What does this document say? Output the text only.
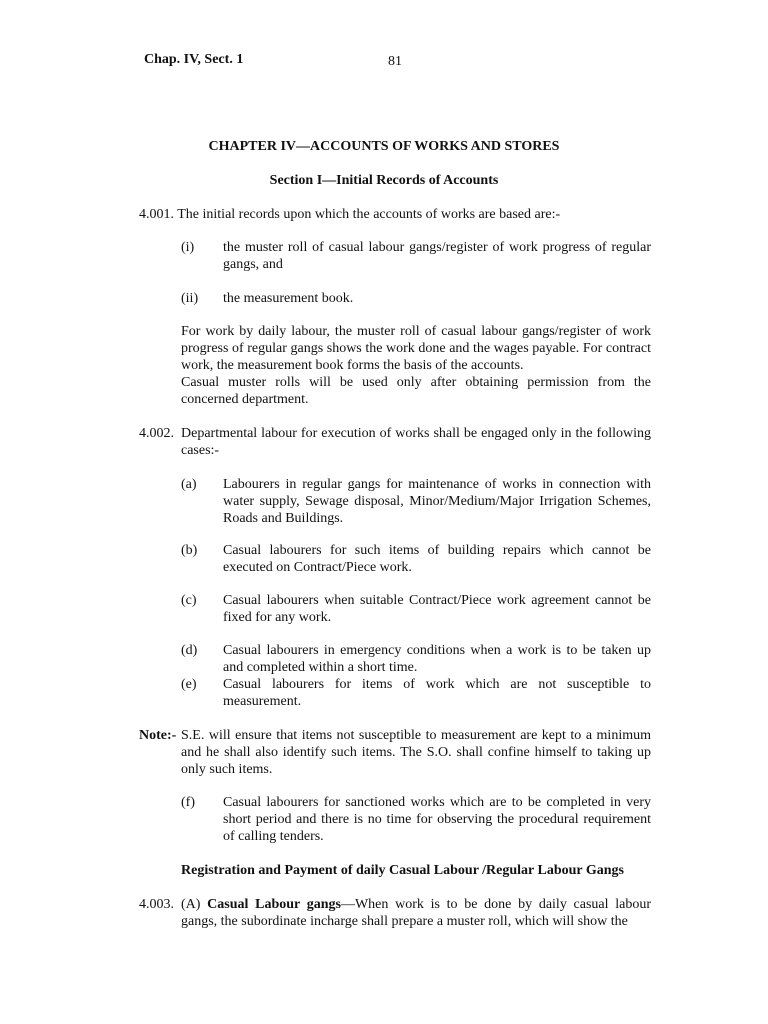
Chap. IV, Sect. 1	81
CHAPTER IV—ACCOUNTS OF WORKS AND STORES
Section I—Initial Records of Accounts
4.001. The initial records upon which the accounts of works are based are:-
(i) the muster roll of casual labour gangs/register of work progress of regular gangs, and
(ii) the measurement book.
For work by daily labour, the muster roll of casual labour gangs/register of work progress of regular gangs shows the work done and the wages payable. For contract work, the measurement book forms the basis of the accounts.
Casual muster rolls will be used only after obtaining permission from the concerned department.
4.002. Departmental labour for execution of works shall be engaged only in the following cases:-
(a) Labourers in regular gangs for maintenance of works in connection with water supply, Sewage disposal, Minor/Medium/Major Irrigation Schemes, Roads and Buildings.
(b) Casual labourers for such items of building repairs which cannot be executed on Contract/Piece work.
(c) Casual labourers when suitable Contract/Piece work agreement cannot be fixed for any work.
(d) Casual labourers in emergency conditions when a work is to be taken up and completed within a short time.
(e) Casual labourers for items of work which are not susceptible to measurement.
Note:- S.E. will ensure that items not susceptible to measurement are kept to a minimum and he shall also identify such items. The S.O. shall confine himself to taking up only such items.
(f) Casual labourers for sanctioned works which are to be completed in very short period and there is no time for observing the procedural requirement of calling tenders.
Registration and Payment of daily Casual Labour /Regular Labour Gangs
4.003. (A) Casual Labour gangs—When work is to be done by daily casual labour gangs, the subordinate incharge shall prepare a muster roll, which will show the
